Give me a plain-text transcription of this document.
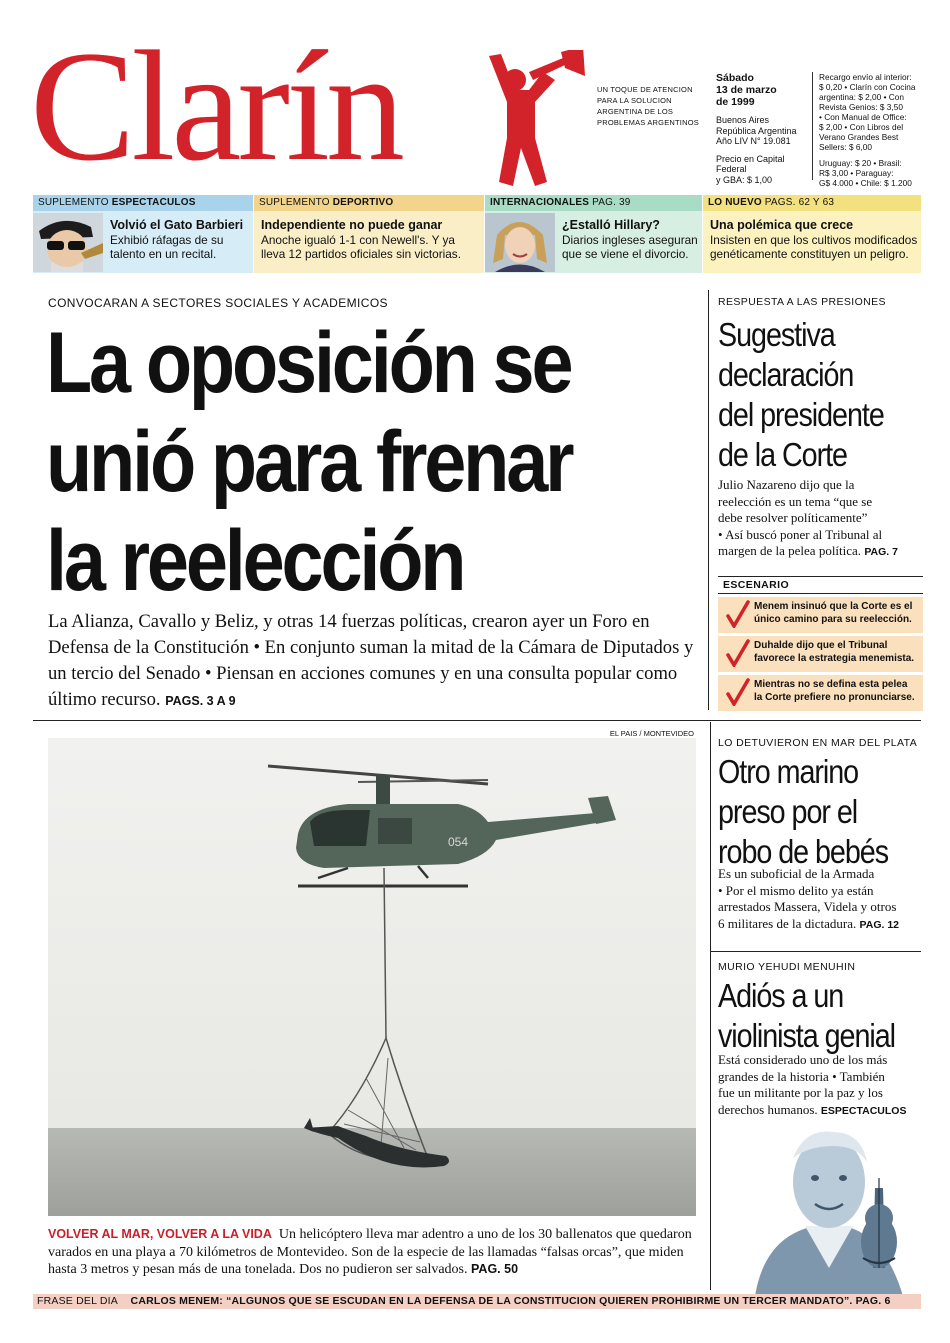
Clarín	UN TOQUE DE ATENCION
PARA LA SOLUCION
ARGENTINA DE LOS
PROBLEMAS ARGENTINOS
Sábado
13 de marzo
de 1999
Buenos Aires
República Argentina
Año LIV N° 19.081
Precio en Capital Federal
y GBA: $ 1,00
Recargo envío al interior:
$ 0,20 • Clarín con Cocina
argentina: $ 2,00 • Con
Revista Genios: $ 3,50
• Con Manual de Office:
$ 2,00 • Con Libros del
Verano Grandes Best
Sellers: $ 6,00
Uruguay: $ 20 • Brasil:
R$ 3,00 • Paraguay:
G$ 4.000 • Chile: $ 1.200
SUPLEMENTO ESPECTACULOS
Volvió el Gato Barbieri
Exhibió ráfagas de su
talento en un recital.
SUPLEMENTO DEPORTIVO
Independiente no puede ganar
Anoche igualó 1-1 con Newell's. Y ya
lleva 12 partidos oficiales sin victorias.
INTERNACIONALES PAG. 39
¿Estalló Hillary?
Diarios ingleses aseguran
que se viene el divorcio.
LO NUEVO PAGS. 62 Y 63
Una polémica que crece
Insisten en que los cultivos modificados
genéticamente constituyen un peligro.
CONVOCARAN A SECTORES SOCIALES Y ACADEMICOS
La oposición se
unió para frenar
la reelección
La Alianza, Cavallo y Beliz, y otras 14 fuerzas políticas, crearon ayer un Foro en Defensa de la Constitución • En conjunto suman la mitad de la Cámara de Diputados y un tercio del Senado • Piensan en acciones comunes y en una consulta popular como último recurso. PAGS. 3 A 9
RESPUESTA A LAS PRESIONES
Sugestiva
declaración
del presidente
de la Corte
Julio Nazareno dijo que la
reelección es un tema “que se
debe resolver políticamente”
• Así buscó poner al Tribunal al
margen de la pelea política. PAG. 7
ESCENARIO
Menem insinuó que la Corte es el
único camino para su reelección.
Duhalde dijo que el Tribunal
favorece la estrategia menemista.
Mientras no se defina esta pelea
la Corte prefiere no pronunciarse.
EL PAIS / MONTEVIDEO
054
VOLVER AL MAR, VOLVER A LA VIDA Un helicóptero lleva mar adentro a uno de los 30 ballenatos que quedaron varados en una playa a 70 kilómetros de Montevideo. Son de la especie de las llamadas “falsas orcas”, que miden hasta 3 metros y pesan más de una tonelada. Dos no pudieron ser salvados. PAG. 50
LO DETUVIERON EN MAR DEL PLATA
Otro marino
preso por el
robo de bebés
Es un suboficial de la Armada
• Por el mismo delito ya están
arrestados Massera, Videla y otros
6 militares de la dictadura. PAG. 12
MURIO YEHUDI MENUHIN
Adiós a un
violinista genial
Está considerado uno de los más
grandes de la historia • También
fue un militante por la paz y los
derechos humanos. ESPECTACULOS
FRASE DEL DIA CARLOS MENEM: “ALGUNOS QUE SE ESCUDAN EN LA DEFENSA DE LA CONSTITUCION QUIEREN PROHIBIRME UN TERCER MANDATO”. PAG. 6
